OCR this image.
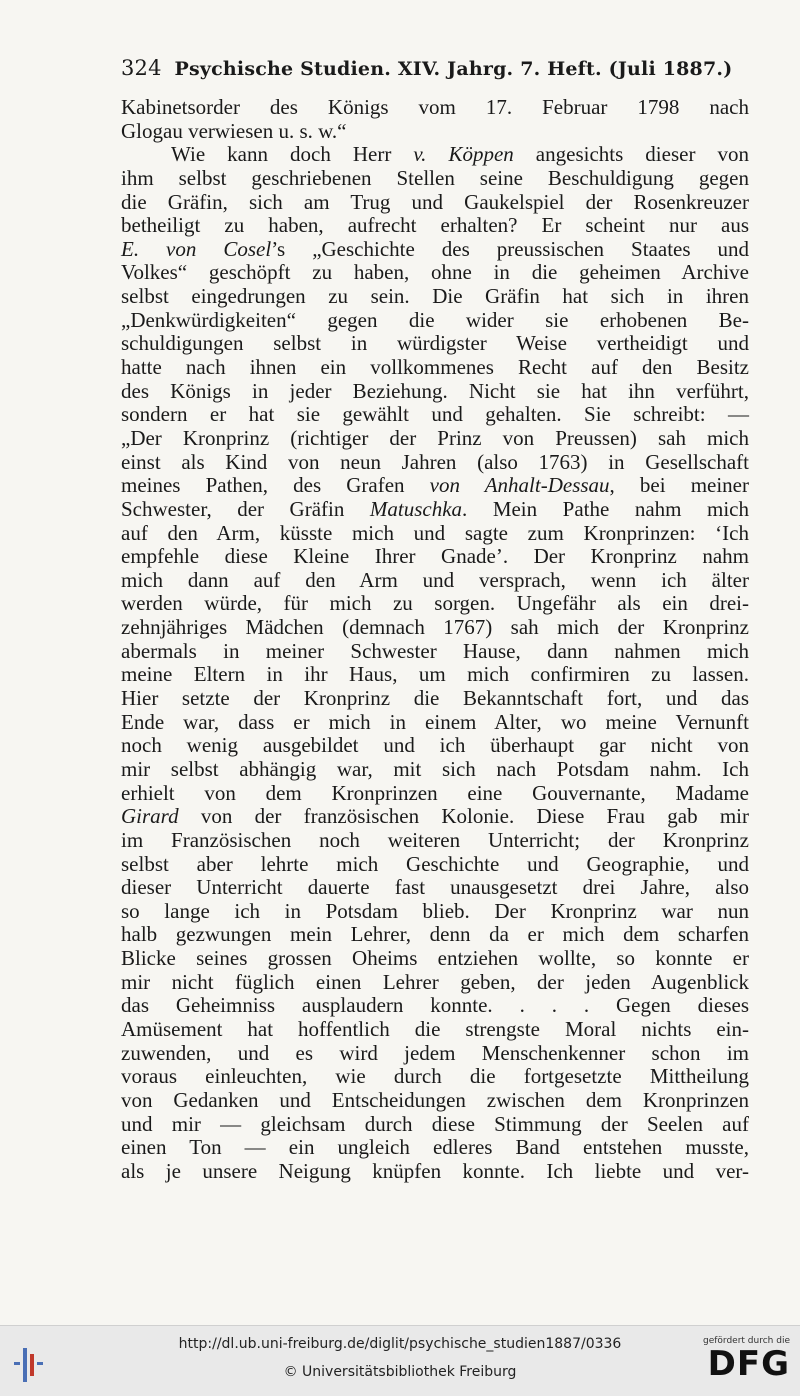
324 Psychische Studien. XIV. Jahrg. 7. Heft. (Juli 1887.)
Kabinetsorder des Königs vom 17. Februar 1798 nach
Glogau verwiesen u. s. w.“
Wie kann doch Herr v. Köppen angesichts dieser von
ihm selbst geschriebenen Stellen seine Beschuldigung gegen
die Gräfin, sich am Trug und Gaukelspiel der Rosenkreuzer
betheiligt zu haben, aufrecht erhalten? Er scheint nur aus
E. von Cosel’s „Geschichte des preussischen Staates und
Volkes“ geschöpft zu haben, ohne in die geheimen Archive
selbst eingedrungen zu sein. Die Gräfin hat sich in ihren
„Denkwürdigkeiten“ gegen die wider sie erhobenen Be-
schuldigungen selbst in würdigster Weise vertheidigt und
hatte nach ihnen ein vollkommenes Recht auf den Besitz
des Königs in jeder Beziehung. Nicht sie hat ihn verführt,
sondern er hat sie gewählt und gehalten. Sie schreibt: —
„Der Kronprinz (richtiger der Prinz von Preussen) sah mich
einst als Kind von neun Jahren (also 1763) in Gesellschaft
meines Pathen, des Grafen von Anhalt-Dessau, bei meiner
Schwester, der Gräfin Matuschka. Mein Pathe nahm mich
auf den Arm, küsste mich und sagte zum Kronprinzen: ‘Ich
empfehle diese Kleine Ihrer Gnade’. Der Kronprinz nahm
mich dann auf den Arm und versprach, wenn ich älter
werden würde, für mich zu sorgen. Ungefähr als ein drei-
zehnjähriges Mädchen (demnach 1767) sah mich der Kronprinz
abermals in meiner Schwester Hause, dann nahmen mich
meine Eltern in ihr Haus, um mich confirmiren zu lassen.
Hier setzte der Kronprinz die Bekanntschaft fort, und das
Ende war, dass er mich in einem Alter, wo meine Vernunft
noch wenig ausgebildet und ich überhaupt gar nicht von
mir selbst abhängig war, mit sich nach Potsdam nahm. Ich
erhielt von dem Kronprinzen eine Gouvernante, Madame
Girard von der französischen Kolonie. Diese Frau gab mir
im Französischen noch weiteren Unterricht; der Kronprinz
selbst aber lehrte mich Geschichte und Geographie, und
dieser Unterricht dauerte fast unausgesetzt drei Jahre, also
so lange ich in Potsdam blieb. Der Kronprinz war nun
halb gezwungen mein Lehrer, denn da er mich dem scharfen
Blicke seines grossen Oheims entziehen wollte, so konnte er
mir nicht füglich einen Lehrer geben, der jeden Augenblick
das Geheimniss ausplaudern konnte. . . . Gegen dieses
Amüsement hat hoffentlich die strengste Moral nichts ein-
zuwenden, und es wird jedem Menschenkenner schon im
voraus einleuchten, wie durch die fortgesetzte Mittheilung
von Gedanken und Entscheidungen zwischen dem Kronprinzen
und mir — gleichsam durch diese Stimmung der Seelen auf
einen Ton — ein ungleich edleres Band entstehen musste,
als je unsere Neigung knüpfen konnte. Ich liebte und ver-
http://dl.ub.uni-freiburg.de/diglit/psychische_studien1887/0336
© Universitätsbibliothek Freiburg
gefördert durch die
DFG
